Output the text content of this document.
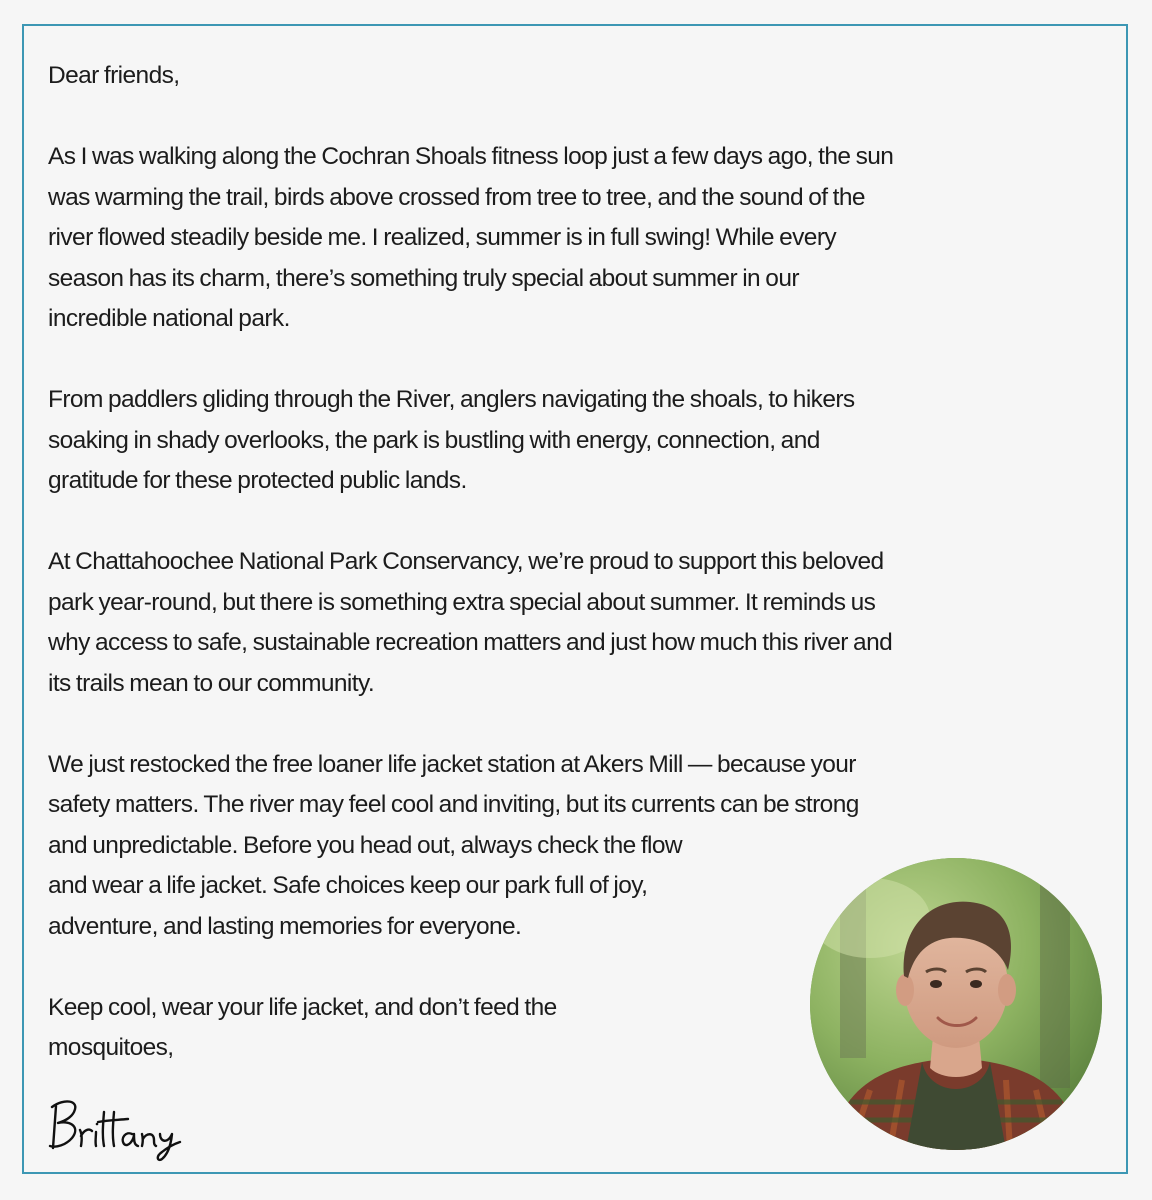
Dear friends,

As I was walking along the Cochran Shoals fitness loop just a few days ago, the sun
was warming the trail, birds above crossed from tree to tree, and the sound of the
river flowed steadily beside me. I realized, summer is in full swing! While every
season has its charm, there’s something truly special about summer in our
incredible national park.

From paddlers gliding through the River, anglers navigating the shoals, to hikers
soaking in shady overlooks, the park is bustling with energy, connection, and
gratitude for these protected public lands.

At Chattahoochee National Park Conservancy, we’re proud to support this beloved
park year-round, but there is something extra special about summer. It reminds us
why access to safe, sustainable recreation matters and just how much this river and
its trails mean to our community.

We just restocked the free loaner life jacket station at Akers Mill — because your
safety matters. The river may feel cool and inviting, but its currents can be strong
and unpredictable. Before you head out, always check the flow
and wear a life jacket. Safe choices keep our park full of joy,
adventure, and lasting memories for everyone.

Keep cool, wear your life jacket, and don’t feed the
mosquitoes,
